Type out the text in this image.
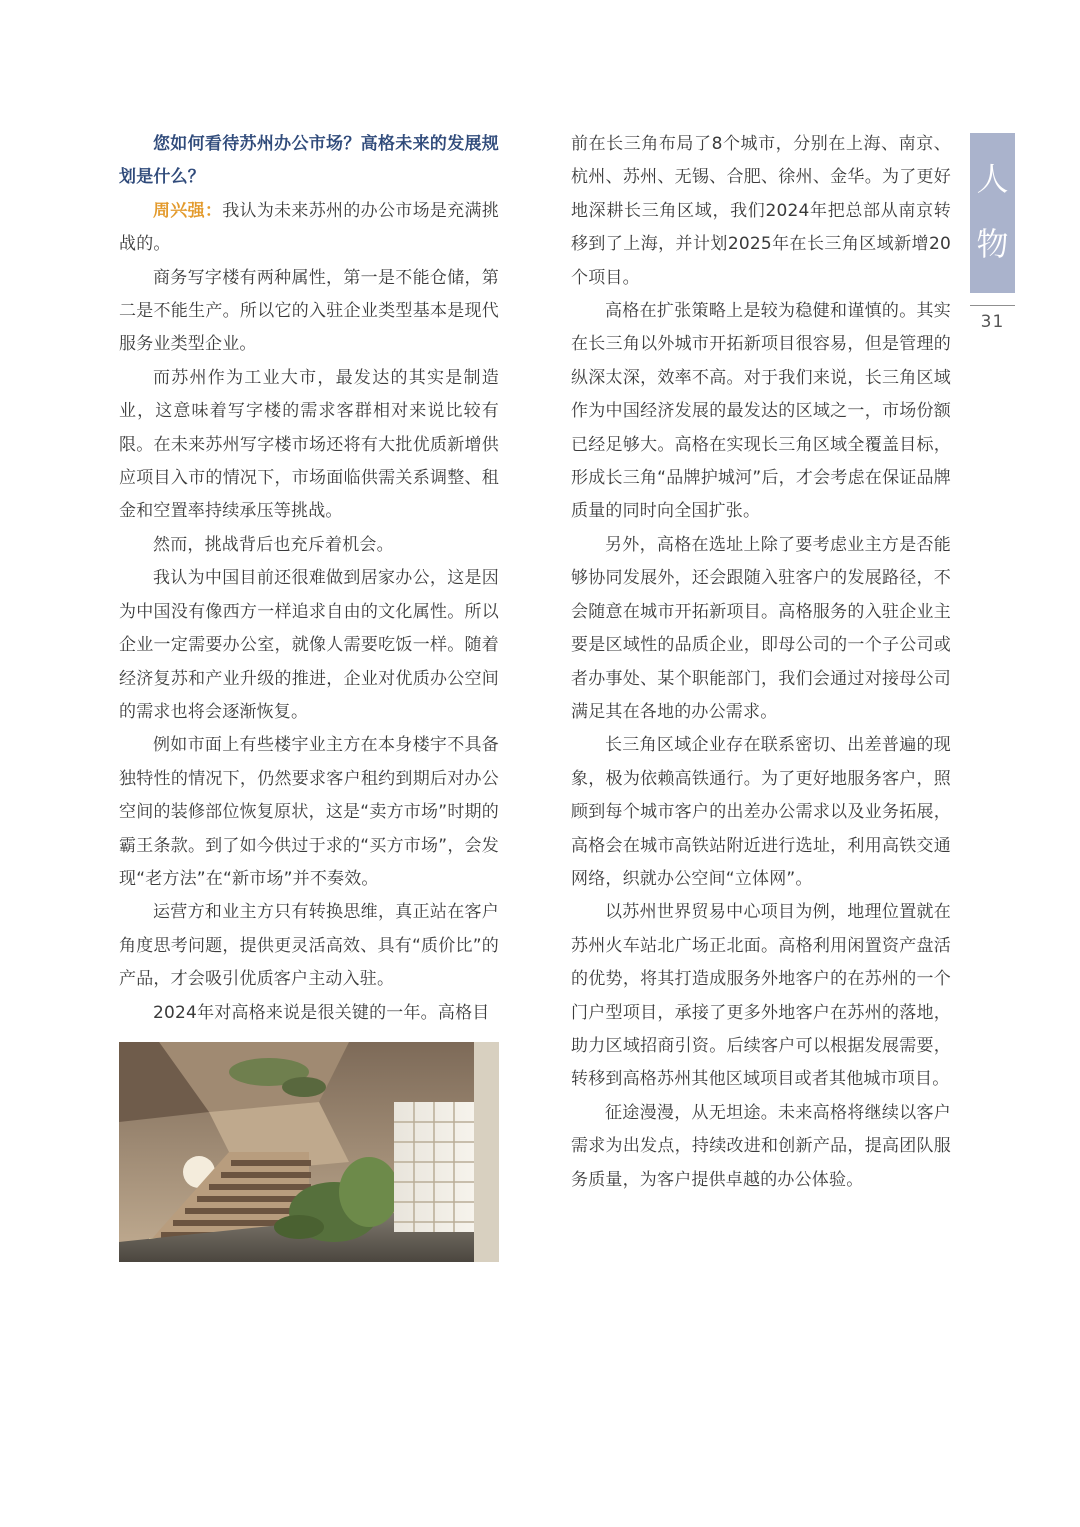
您如何看待苏州办公市场？高格未来的发展规划是什么？

周兴强：我认为未来苏州的办公市场是充满挑战的。

商务写字楼有两种属性，第一是不能仓储，第二是不能生产。所以它的入驻企业类型基本是现代服务业类型企业。

而苏州作为工业大市，最发达的其实是制造业，这意味着写字楼的需求客群相对来说比较有限。在未来苏州写字楼市场还将有大批优质新增供应项目入市的情况下，市场面临供需关系调整、租金和空置率持续承压等挑战。

然而，挑战背后也充斥着机会。

我认为中国目前还很难做到居家办公，这是因为中国没有像西方一样追求自由的文化属性。所以企业一定需要办公室，就像人需要吃饭一样。随着经济复苏和产业升级的推进，企业对优质办公空间的需求也将会逐渐恢复。

例如市面上有些楼宇业主方在本身楼宇不具备独特性的情况下，仍然要求客户租约到期后对办公空间的装修部位恢复原状，这是“卖方市场”时期的霸王条款。到了如今供过于求的“买方市场”，会发现“老方法”在“新市场”并不奏效。

运营方和业主方只有转换思维，真正站在客户角度思考问题，提供更灵活高效、具有“质价比”的产品，才会吸引优质客户主动入驻。

2024年对高格来说是很关键的一年。高格目

前在长三角布局了8个城市，分别在上海、南京、杭州、苏州、无锡、合肥、徐州、金华。为了更好地深耕长三角区域，我们2024年把总部从南京转移到了上海，并计划2025年在长三角区域新增20个项目。

高格在扩张策略上是较为稳健和谨慎的。其实在长三角以外城市开拓新项目很容易，但是管理的纵深太深，效率不高。对于我们来说，长三角区域作为中国经济发展的最发达的区域之一，市场份额已经足够大。高格在实现长三角区域全覆盖目标，形成长三角“品牌护城河”后，才会考虑在保证品牌质量的同时向全国扩张。

另外，高格在选址上除了要考虑业主方是否能够协同发展外，还会跟随入驻客户的发展路径，不会随意在城市开拓新项目。高格服务的入驻企业主要是区域性的品质企业，即母公司的一个子公司或者办事处、某个职能部门，我们会通过对接母公司满足其在各地的办公需求。

长三角区域企业存在联系密切、出差普遍的现象，极为依赖高铁通行。为了更好地服务客户，照顾到每个城市客户的出差办公需求以及业务拓展，高格会在城市高铁站附近进行选址，利用高铁交通网络，织就办公空间“立体网”。

以苏州世界贸易中心项目为例，地理位置就在苏州火车站北广场正北面。高格利用闲置资产盘活的优势，将其打造成服务外地客户的在苏州的一个门户型项目，承接了更多外地客户在苏州的落地，助力区域招商引资。后续客户可以根据发展需要，转移到高格苏州其他区域项目或者其他城市项目。

征途漫漫，从无坦途。未来高格将继续以客户需求为出发点，持续改进和创新产品，提高团队服务质量，为客户提供卓越的办公体验。

人
物
31
